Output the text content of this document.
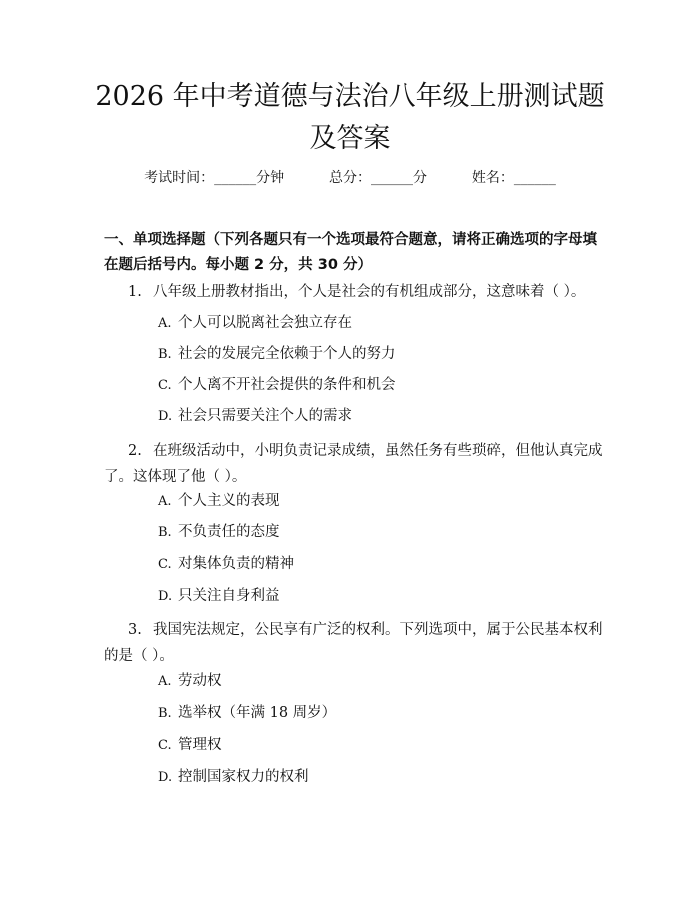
2026 年中考道德与法治八年级上册测试题及答案
考试时间：______分钟	总分：______分	姓名：______

一、单项选择题（下列各题只有一个选项最符合题意，请将正确选项的字母填在题后括号内。每小题 2 分，共 30 分）

1. 八年级上册教材指出，个人是社会的有机组成部分，这意味着（ ）。
A. 个人可以脱离社会独立存在
B. 社会的发展完全依赖于个人的努力
C. 个人离不开社会提供的条件和机会
D. 社会只需要关注个人的需求
2. 在班级活动中，小明负责记录成绩，虽然任务有些琐碎，但他认真完成了。这体现了他（ ）。
A. 个人主义的表现
B. 不负责任的态度
C. 对集体负责的精神
D. 只关注自身利益
3. 我国宪法规定，公民享有广泛的权利。下列选项中，属于公民基本权利的是（ ）。
A. 劳动权
B. 选举权（年满 18 周岁）
C. 管理权
D. 控制国家权力的权利
